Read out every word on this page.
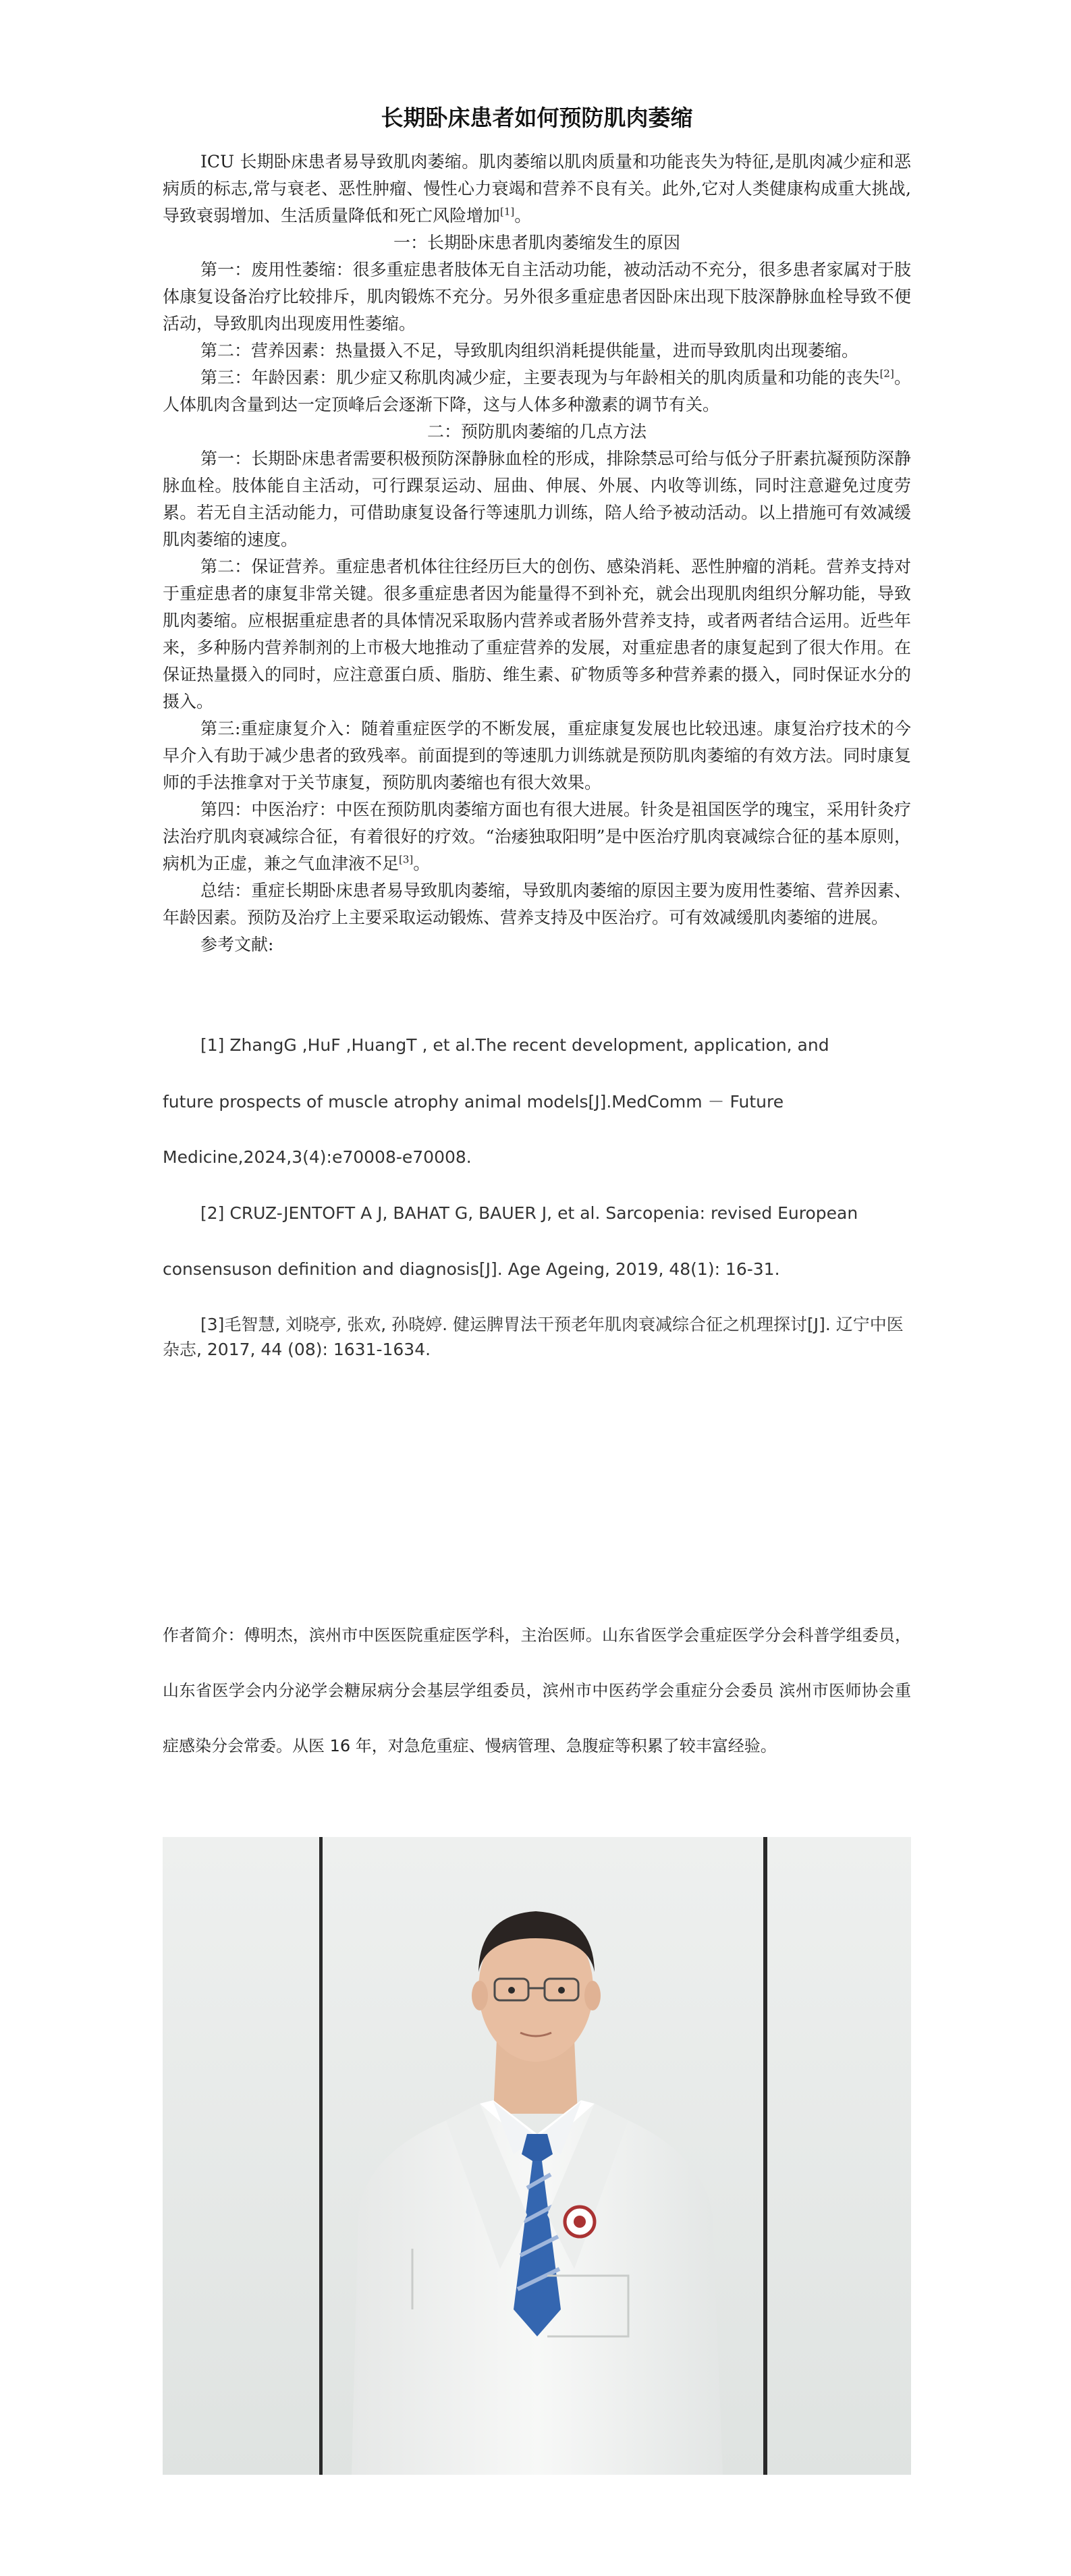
长期卧床患者如何预防肌肉萎缩

ICU 长期卧床患者易导致肌肉萎缩。肌肉萎缩以肌肉质量和功能丧失为特征,是肌肉减少症和恶病质的标志,常与衰老、恶性肿瘤、慢性心力衰竭和营养不良有关。此外,它对人类健康构成重大挑战,导致衰弱增加、生活质量降低和死亡风险增加[1]。

一：长期卧床患者肌肉萎缩发生的原因

第一：废用性萎缩：很多重症患者肢体无自主活动功能，被动活动不充分，很多患者家属对于肢体康复设备治疗比较排斥，肌肉锻炼不充分。另外很多重症患者因卧床出现下肢深静脉血栓导致不便活动，导致肌肉出现废用性萎缩。

第二：营养因素：热量摄入不足，导致肌肉组织消耗提供能量，进而导致肌肉出现萎缩。

第三：年龄因素：肌少症又称肌肉减少症，主要表现为与年龄相关的肌肉质量和功能的丧失[2]。人体肌肉含量到达一定顶峰后会逐渐下降，这与人体多种激素的调节有关。

二：预防肌肉萎缩的几点方法

第一：长期卧床患者需要积极预防深静脉血栓的形成，排除禁忌可给与低分子肝素抗凝预防深静脉血栓。肢体能自主活动，可行踝泵运动、屈曲、伸展、外展、内收等训练，同时注意避免过度劳累。若无自主活动能力，可借助康复设备行等速肌力训练，陪人给予被动活动。以上措施可有效减缓肌肉萎缩的速度。

第二：保证营养。重症患者机体往往经历巨大的创伤、感染消耗、恶性肿瘤的消耗。营养支持对于重症患者的康复非常关键。很多重症患者因为能量得不到补充，就会出现肌肉组织分解功能，导致肌肉萎缩。应根据重症患者的具体情况采取肠内营养或者肠外营养支持，或者两者结合运用。近些年来，多种肠内营养制剂的上市极大地推动了重症营养的发展，对重症患者的康复起到了很大作用。在保证热量摄入的同时，应注意蛋白质、脂肪、维生素、矿物质等多种营养素的摄入，同时保证水分的摄入。

第三:重症康复介入：随着重症医学的不断发展，重症康复发展也比较迅速。康复治疗技术的今早介入有助于减少患者的致残率。前面提到的等速肌力训练就是预防肌肉萎缩的有效方法。同时康复师的手法推拿对于关节康复，预防肌肉萎缩也有很大效果。

第四：中医治疗：中医在预防肌肉萎缩方面也有很大进展。针灸是祖国医学的瑰宝，采用针灸疗法治疗肌肉衰减综合征，有着很好的疗效。“治痿独取阳明”是中医治疗肌肉衰减综合征的基本原则，病机为正虚，兼之气血津液不足[3]。

总结：重症长期卧床患者易导致肌肉萎缩，导致肌肉萎缩的原因主要为废用性萎缩、营养因素、年龄因素。预防及治疗上主要采取运动锻炼、营养支持及中医治疗。可有效减缓肌肉萎缩的进展。

参考文献:

[1] ZhangG ,HuF ,HuangT , et al.The recent development, application, and
future prospects of muscle atrophy animal models[J].MedComm － Future
Medicine,2024,3(4):e70008-e70008.
[2] CRUZ-JENTOFT A J, BAHAT G, BAUER J, et al. Sarcopenia: revised European
consensuson definition and diagnosis[J]. Age Ageing, 2019, 48(1): 16-31.
[3]毛智慧, 刘晓亭, 张欢, 孙晓婷. 健运脾胃法干预老年肌肉衰减综合征之机理探讨[J]. 辽宁中医杂志, 2017, 44 (08): 1631-1634.
作者简介：傅明杰，滨州市中医医院重症医学科，主治医师。山东省医学会重症医学分会科普学组委员，山东省医学会内分泌学会糖尿病分会基层学组委员，滨州市中医药学会重症分会委员 滨州市医师协会重症感染分会常委。从医 16 年，对急危重症、慢病管理、急腹症等积累了较丰富经验。
